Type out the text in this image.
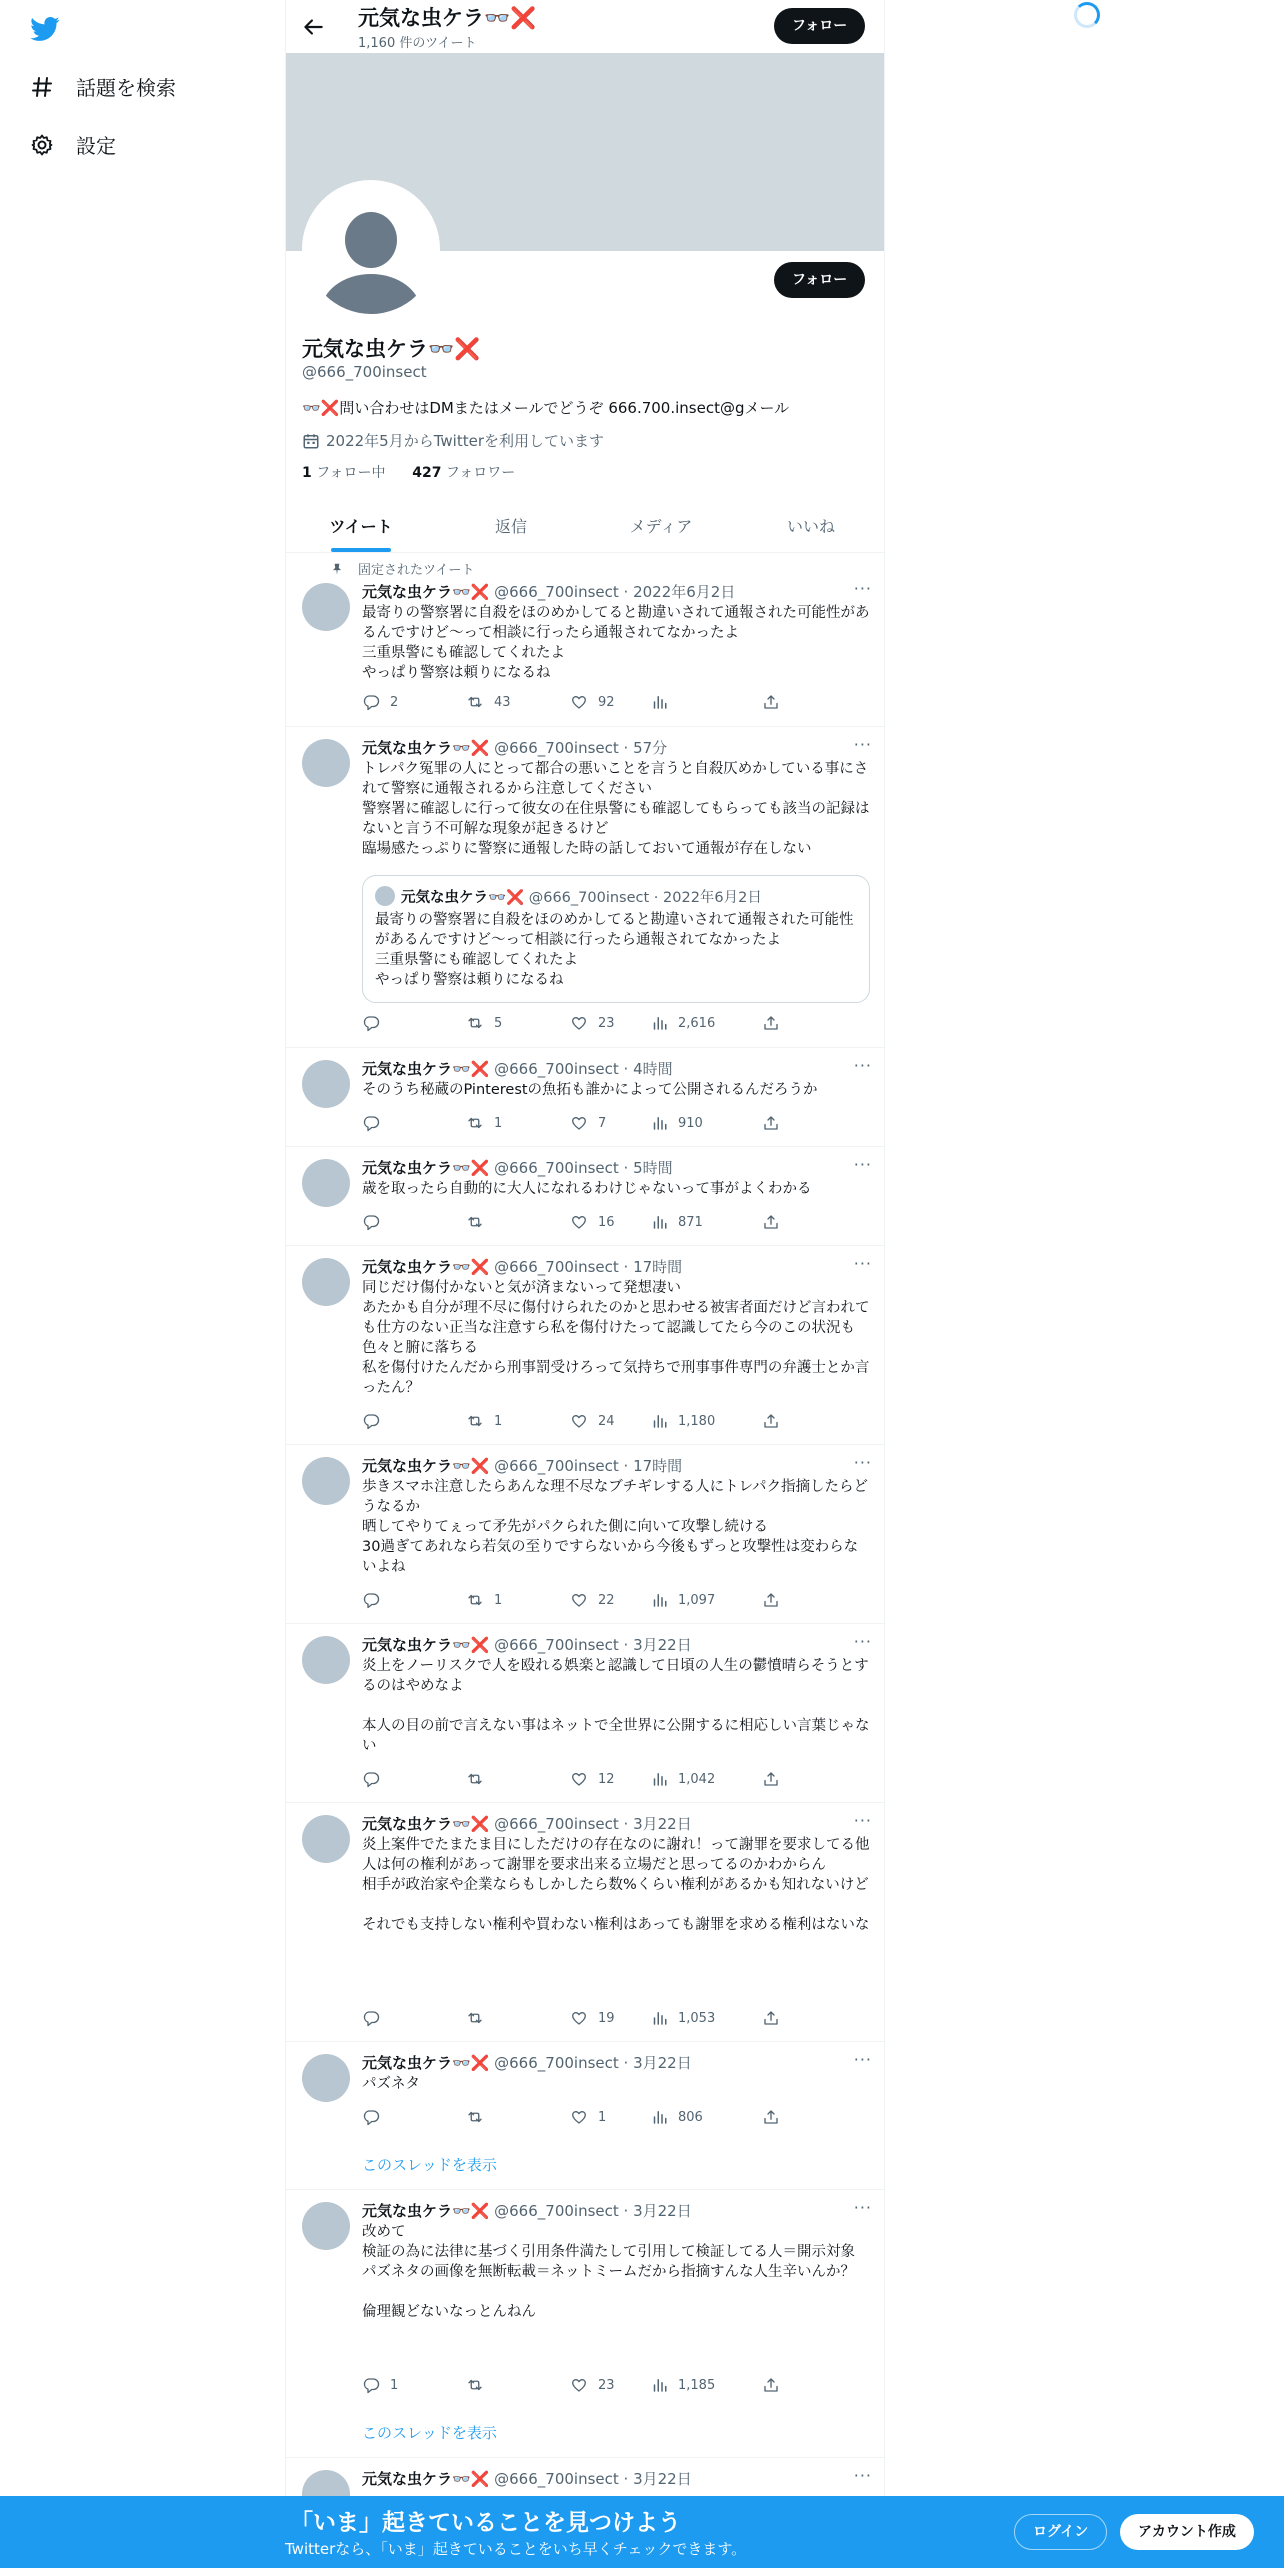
話題を検索
設定
元気な虫ケラ👓❌
1,160 件のツイート
フォロー
フォロー
元気な虫ケラ👓❌
@666_700insect
👓❌問い合わせはDMまたはメールでどうぞ 666.700.insect@gメール
2022年5月からTwitterを利用しています
1 フォロー中 427 フォロワー
ツイート	返信	メディア	いいね
固定されたツイート
元気な虫ケラ👓❌ @666_700insect · 2022年6月2日	···
最寄りの警察署に自殺をほのめかしてると勘違いされて通報された可能性があるんですけど〜って相談に行ったら通報されてなかったよ
三重県警にも確認してくれたよ
やっぱり警察は頼りになるね
2	43	92
元気な虫ケラ👓❌ @666_700insect · 57分	···
トレパク冤罪の人にとって都合の悪いことを言うと自殺仄めかしている事にされて警察に通報されるから注意してください
警察署に確認しに行って彼女の在住県警にも確認してもらっても該当の記録はないと言う不可解な現象が起きるけど
臨場感たっぷりに警察に通報した時の話しておいて通報が存在しない
元気な虫ケラ👓❌ @666_700insect · 2022年6月2日
最寄りの警察署に自殺をほのめかしてると勘違いされて通報された可能性があるんですけど〜って相談に行ったら通報されてなかったよ
三重県警にも確認してくれたよ
やっぱり警察は頼りになるね
5	23	2,616
元気な虫ケラ👓❌ @666_700insect · 4時間	···
そのうち秘蔵のPinterestの魚拓も誰かによって公開されるんだろうか
1	7	910
元気な虫ケラ👓❌ @666_700insect · 5時間	···
歳を取ったら自動的に大人になれるわけじゃないって事がよくわかる
16	871
元気な虫ケラ👓❌ @666_700insect · 17時間	···
同じだけ傷付かないと気が済まないって発想凄い
あたかも自分が理不尽に傷付けられたのかと思わせる被害者面だけど言われても仕方のない正当な注意すら私を傷付けたって認識してたら今のこの状況も色々と腑に落ちる
私を傷付けたんだから刑事罰受けろって気持ちで刑事事件専門の弁護士とか言ったん？
1	24	1,180
元気な虫ケラ👓❌ @666_700insect · 17時間	···
歩きスマホ注意したらあんな理不尽なブチギレする人にトレパク指摘したらどうなるか
晒してやりてぇって矛先がパクられた側に向いて攻撃し続ける
30過ぎてあれなら若気の至りですらないから今後もずっと攻撃性は変わらないよね
1	22	1,097
元気な虫ケラ👓❌ @666_700insect · 3月22日	···
炎上をノーリスクで人を殴れる娯楽と認識して日頃の人生の鬱憤晴らそうとするのはやめなよ

本人の目の前で言えない事はネットで全世界に公開するに相応しい言葉じゃない
12	1,042
元気な虫ケラ👓❌ @666_700insect · 3月22日	···
炎上案件でたまたま目にしただけの存在なのに謝れ！って謝罪を要求してる他人は何の権利があって謝罪を要求出来る立場だと思ってるのかわからん
相手が政治家や企業ならもしかしたら数%くらい権利があるかも知れないけど

それでも支持しない権利や買わない権利はあっても謝罪を求める権利はないな
19	1,053
元気な虫ケラ👓❌ @666_700insect · 3月22日	···
パズネタ
1	806
このスレッドを表示
元気な虫ケラ👓❌ @666_700insect · 3月22日	···
改めて
検証の為に法律に基づく引用条件満たして引用して検証してる人＝開示対象
パズネタの画像を無断転載＝ネットミームだから指摘すんな人生辛いんか？

倫理観どないなっとんねん
1	23	1,185
このスレッドを表示
元気な虫ケラ👓❌ @666_700insect · 3月22日	···
「いま」起きていることを見つけよう
Twitterなら、「いま」起きていることをいち早くチェックできます。
ログイン	アカウント作成
